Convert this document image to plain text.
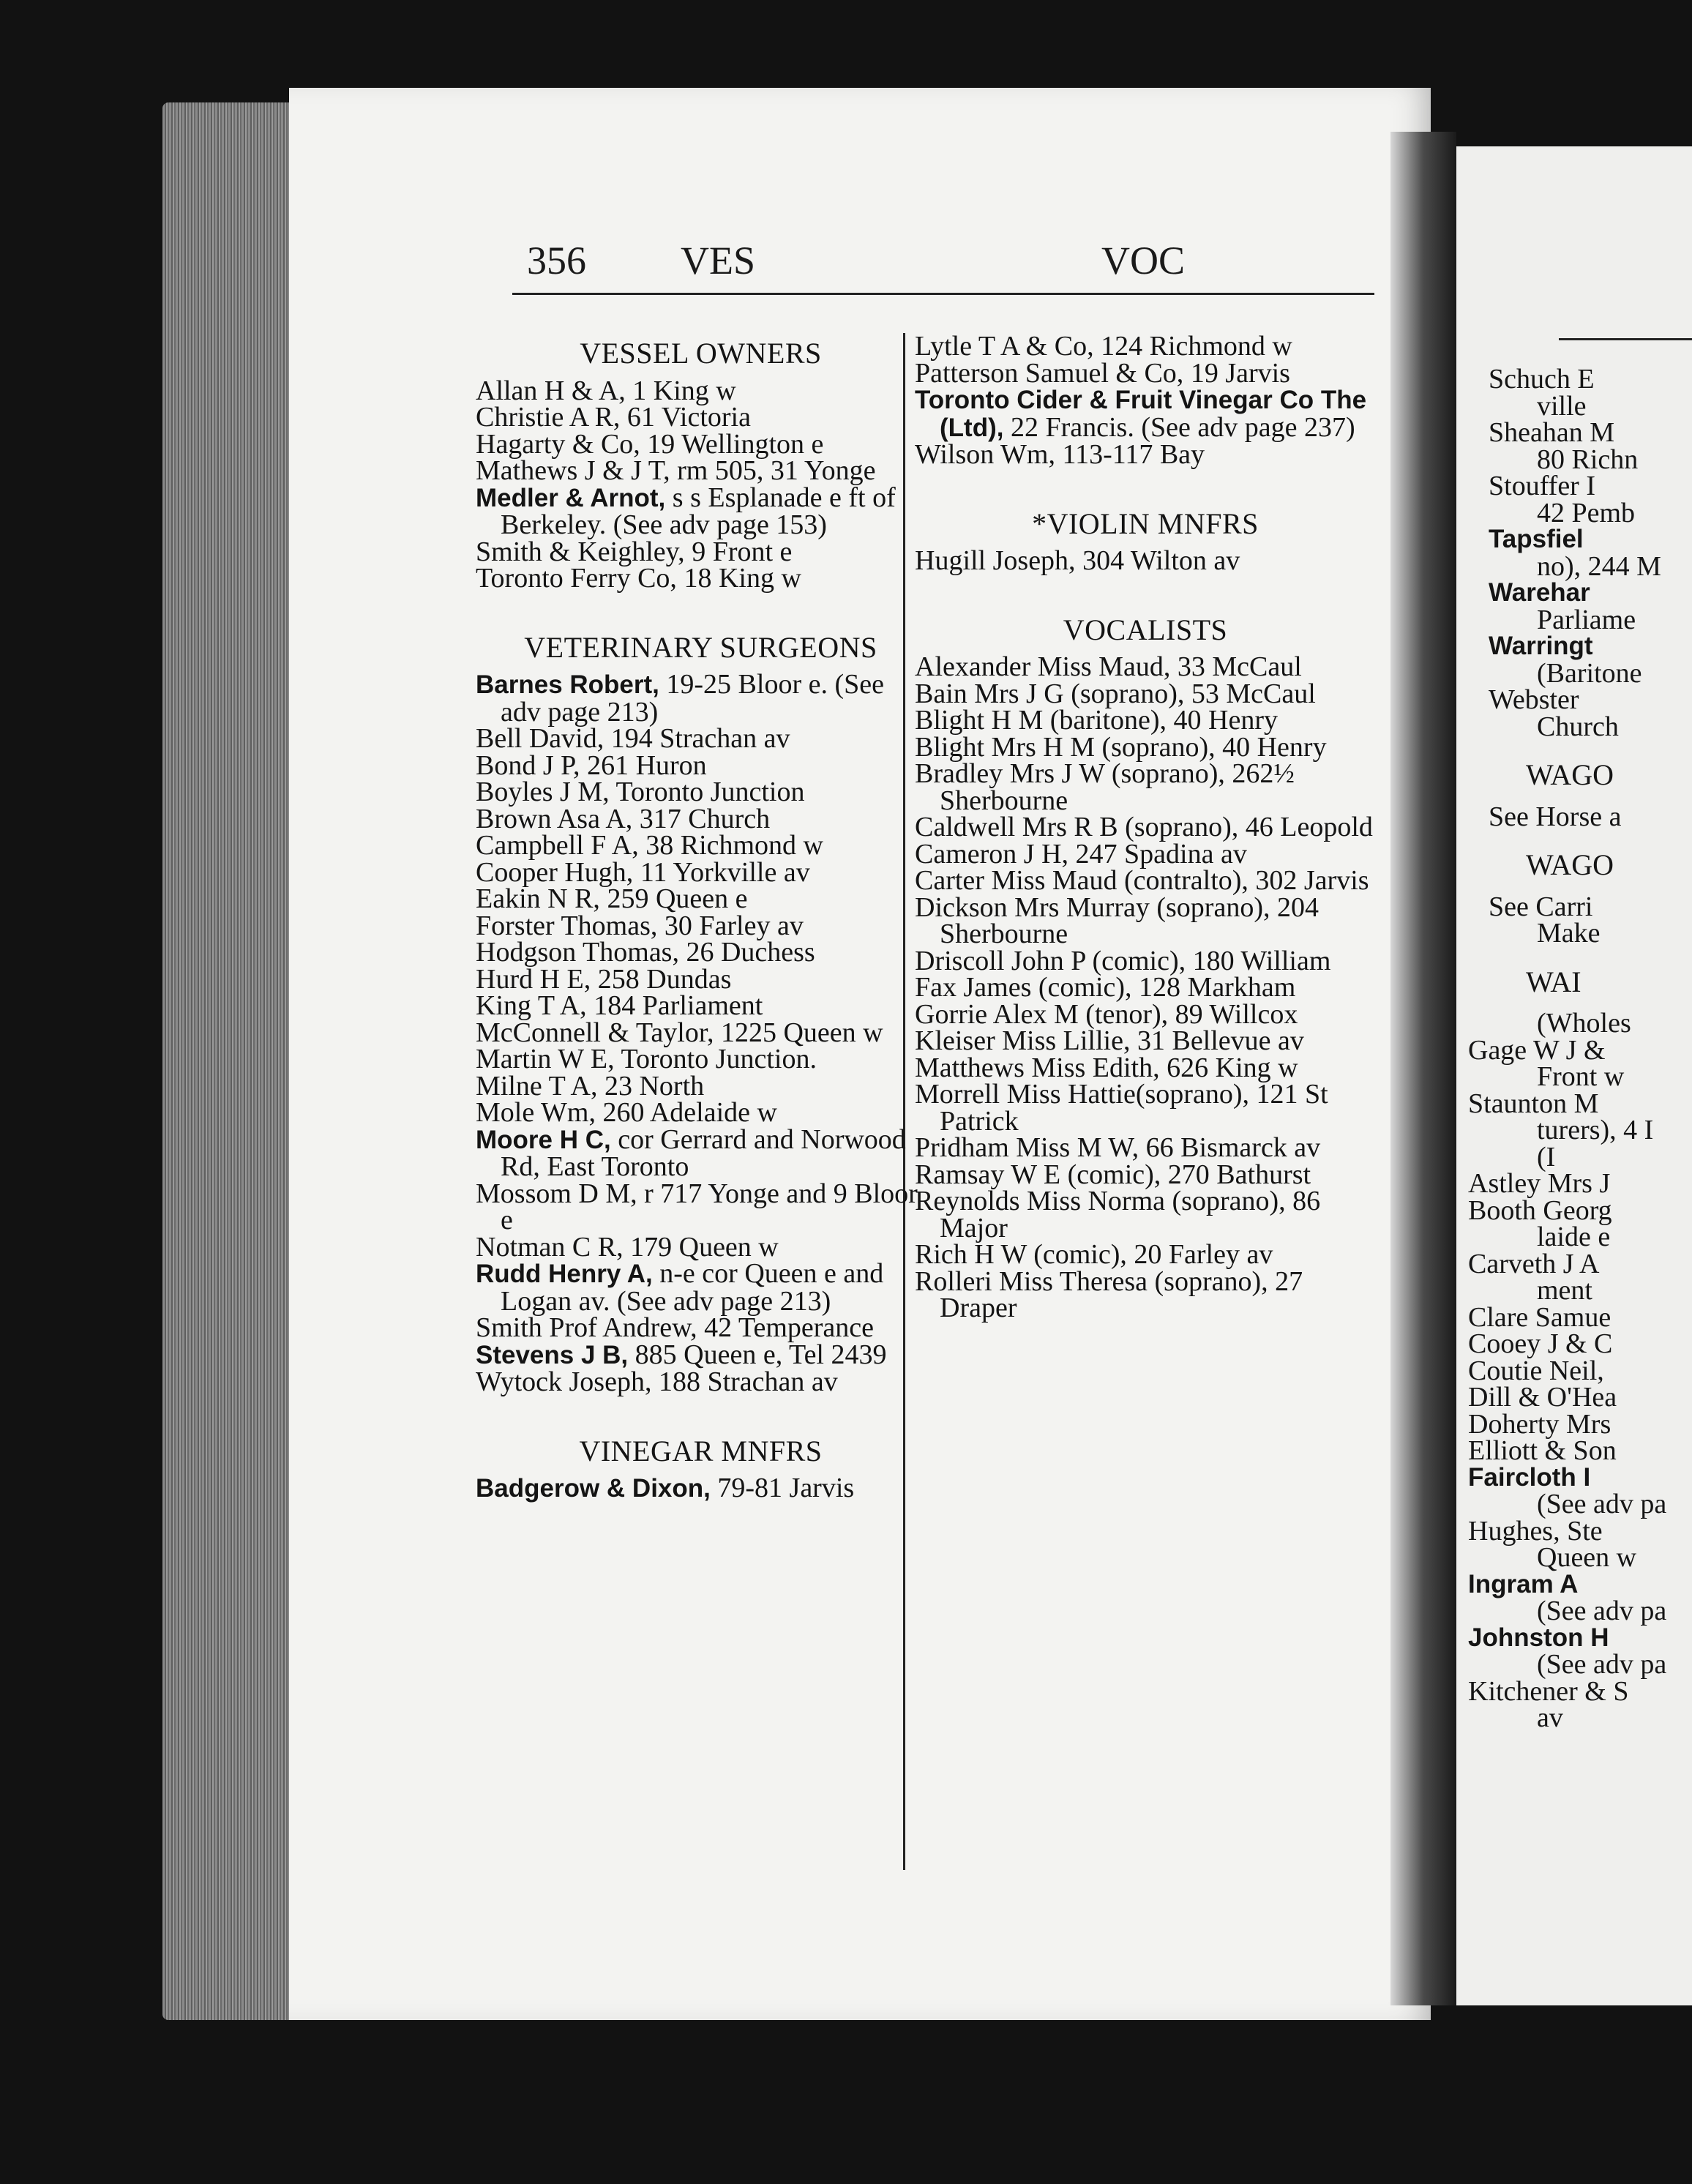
Schuch E
ville
Sheahan M
80 Richn
Stouffer I
42 Pemb
Tapsfiel
no), 244 M
Warehar
Parliame
Warringt
(Baritone
Webster
Church
WAGO
See Horse a
WAGO
See Carri
Make
WAI
(Wholes
Gage W J &
Front w
Staunton M
turers), 4 I
(I
Astley Mrs J
Booth Georg
laide e
Carveth J A
ment
Clare Samue
Cooey J & C
Coutie Neil,
Dill & O'Hea
Doherty Mrs
Elliott & Son
Faircloth I
(See adv pa
Hughes, Ste
Queen w
Ingram A
(See adv pa
Johnston H
(See adv pa
Kitchener & S
av
356 VES	VOC
VESSEL OWNERS

Allan H & A, 1 King w

Christie A R, 61 Victoria

Hagarty & Co, 19 Wellington e

Mathews J & J T, rm 505, 31 Yonge

Medler & Arnot, s s Esplanade e ft of Berkeley. (See adv page 153)

Smith & Keighley, 9 Front e

Toronto Ferry Co, 18 King w

VETERINARY SURGEONS

Barnes Robert, 19-25 Bloor e. (See adv page 213)

Bell David, 194 Strachan av

Bond J P, 261 Huron

Boyles J M, Toronto Junction

Brown Asa A, 317 Church

Campbell F A, 38 Richmond w

Cooper Hugh, 11 Yorkville av

Eakin N R, 259 Queen e

Forster Thomas, 30 Farley av

Hodgson Thomas, 26 Duchess

Hurd H E, 258 Dundas

King T A, 184 Parliament

McConnell & Taylor, 1225 Queen w

Martin W E, Toronto Junction.

Milne T A, 23 North

Mole Wm, 260 Adelaide w

Moore H C, cor Gerrard and Norwood Rd, East Toronto

Mossom D M, r 717 Yonge and 9 Bloor e

Notman C R, 179 Queen w

Rudd Henry A, n-e cor Queen e and Logan av. (See adv page 213)

Smith Prof Andrew, 42 Temperance

Stevens J B, 885 Queen e, Tel 2439

Wytock Joseph, 188 Strachan av

VINEGAR MNFRS

Badgerow & Dixon, 79-81 Jarvis

Lytle T A & Co, 124 Richmond w

Patterson Samuel & Co, 19 Jarvis

Toronto Cider & Fruit Vinegar Co The (Ltd), 22 Francis. (See adv page 237)

Wilson Wm, 113-117 Bay

*VIOLIN MNFRS

Hugill Joseph, 304 Wilton av

VOCALISTS

Alexander Miss Maud, 33 McCaul

Bain Mrs J G (soprano), 53 McCaul

Blight H M (baritone), 40 Henry

Blight Mrs H M (soprano), 40 Henry

Bradley Mrs J W (soprano), 262½ Sherbourne

Caldwell Mrs R B (soprano), 46 Leopold

Cameron J H, 247 Spadina av

Carter Miss Maud (contralto), 302 Jarvis

Dickson Mrs Murray (soprano), 204 Sherbourne

Driscoll John P (comic), 180 William

Fax James (comic), 128 Markham

Gorrie Alex M (tenor), 89 Willcox

Kleiser Miss Lillie, 31 Bellevue av

Matthews Miss Edith, 626 King w

Morrell Miss Hattie(soprano), 121 St Patrick

Pridham Miss M W, 66 Bismarck av

Ramsay W E (comic), 270 Bathurst

Reynolds Miss Norma (soprano), 86 Major

Rich H W (comic), 20 Farley av

Rolleri Miss Theresa (soprano), 27 Draper
